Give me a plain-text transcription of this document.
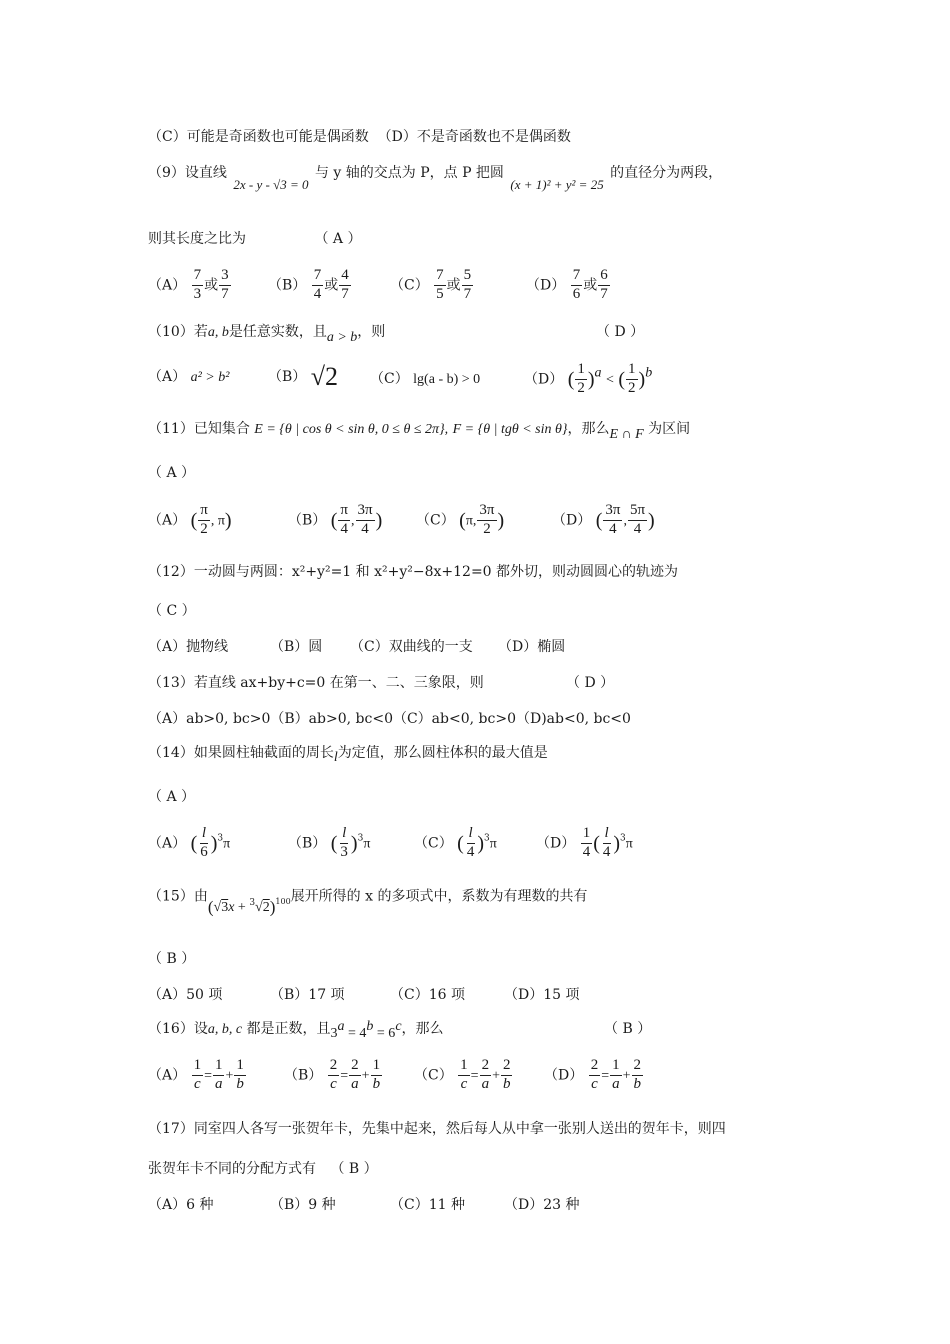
（C）可能是奇函数也可能是偶函数 （D）不是奇函数也不是偶函数
（9）设直线 2x - y - √3 = 0 与 y 轴的交点为 P，点 P 把圆 (x + 1)² + y² = 25 的直径分为两段，
则其长度之比为	（ A ）
$(A) \frac{7}{3}$ 或 $\frac{3}{7}$	$(B) \frac{7}{4}$ 或 $\frac{4}{7}$	$(C) \frac{7}{5}$ 或 $\frac{5}{7}$	$(D) \frac{7}{6}$ 或 $\frac{6}{7}$
（10）若a, b是任意实数，且a > b，则	（ D ）
（A） a² > b²	（B） √2 （C） lg(a - b) > 0	（D） ( $\frac{1}{2} )^a$ < ( $\frac{1}{2} )^b$
（11）已知集合 E = {θ | cos θ < sin θ, 0 ≤ θ ≤ 2π}, F = {θ | tgθ < sin θ}，那么E ∩ F 为区间
（ A ）
（A） ( $\frac{\pi}{2}$ , π)	（B） ( $\frac{\pi}{4}$ , $\frac{3\pi}{4}$ ) （C） (π, $\frac{3\pi}{2}$ )	（D） ( $\frac{3\pi}{4}$ , $\frac{5\pi}{4}$ )
（12）一动圆与两圆：x²+y²=1 和 x²+y²−8x+12=0 都外切，则动圆圆心的轨迹为
（ C ）
（A）抛物线	（B）圆 （C）双曲线的一支 （D）椭圆
（13）若直线 ax+by+c=0 在第一、二、三象限，则	（ D ）
（A）ab>0, bc>0（B）ab>0, bc<0（C）ab<0, bc>0（D)ab<0, bc<0
（14）如果圆柱轴截面的周长l为定值，那么圆柱体积的最大值是
（ A ）
（A） ( $\frac{l}{6} )^3\pi$	（B） ( $\frac{l}{3} )^3\pi$	（C） ( $\frac{l}{4} )^3\pi$	$(D) \frac{1}{4}$ ( $\frac{l}{4} )^3\pi$
（15）由$(√3x + ^3√2)^{100}$展开所得的 x 的多项式中，系数为有理数的共有
（ B ）
（A）50 项	（B）17 项	（C）16 项	（D）15 项
（16）设a, b, c 都是正数，且$3^a = 4^b = 6^c$，那么	（ B ）
$(A) \frac{1}{c} = \frac{1}{a} + \frac{1}{b}$	$(B) \frac{2}{c} = \frac{2}{a} + \frac{1}{b} (C) \frac{1}{c} = \frac{2}{a} + \frac{2}{b} (D) \frac{2}{c} = \frac{1}{a} + \frac{2}{b}$
（17）同室四人各写一张贺年卡，先集中起来，然后每人从中拿一张别人送出的贺年卡，则四
张贺年卡不同的分配方式有 （ B ）
（A）6 种	（B）9 种	（C）11 种	（D）23 种
